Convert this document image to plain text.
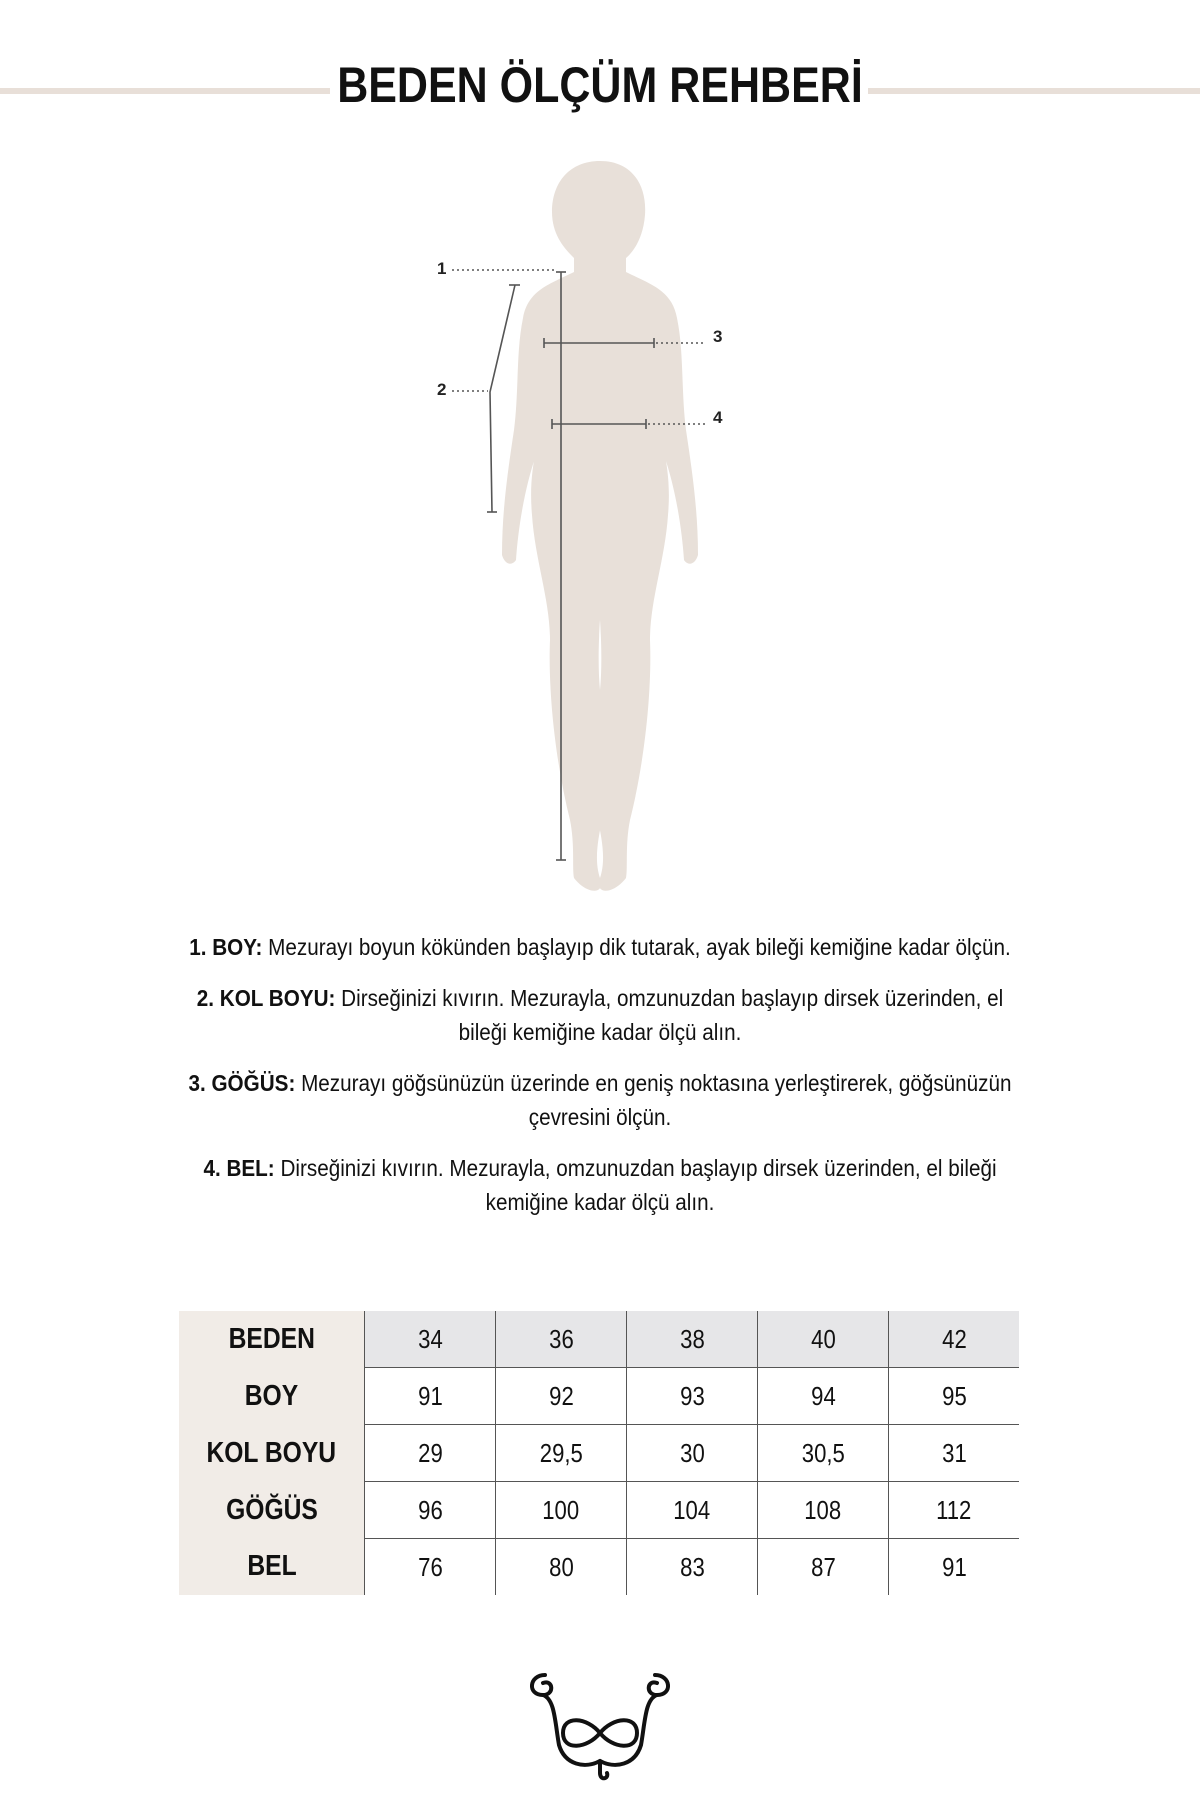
BEDEN ÖLÇÜM REHBERİ
1
2
3
4

1. BOY: Mezurayı boyun kökünden başlayıp dik tutarak, ayak bileği kemiğine kadar ölçün.

2. KOL BOYU: Dirseğinizi kıvırın. Mezurayla, omzunuzdan başlayıp dirsek üzerinden, el bileği kemiğine kadar ölçü alın.

3. GÖĞÜS: Mezurayı göğsünüzün üzerinde en geniş noktasına yerleştirerek, göğsünüzün çevresini ölçün.

4. BEL: Dirseğinizi kıvırın. Mezurayla, omzunuzdan başlayıp dirsek üzerinden, el bileği kemiğine kadar ölçü alın.

BEDEN	34	36	38	40	42
BOY	91	92	93	94	95
KOL BOYU	29	29,5	30	30,5	31
GÖĞÜS	96	100	104	108	112
BEL	76	80	83	87	91
